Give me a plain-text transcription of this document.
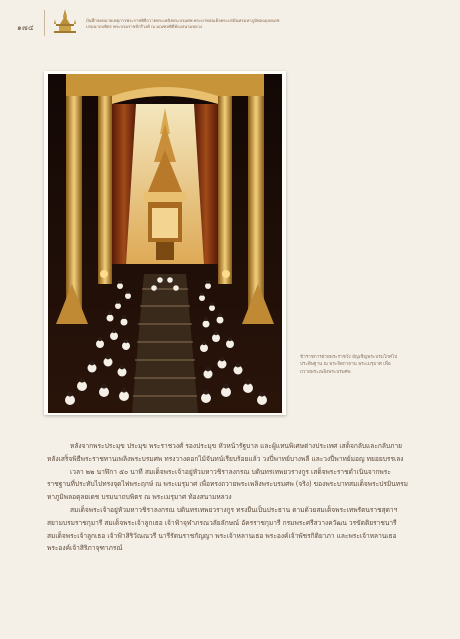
๑๗๔
บันทึกจดหมายเหตุการพระราชพิธีถวายพระเพลิงพระบรมศพ พระบาทสมเด็จพระปรมินทรมหาภูมิพลอดุลยเดช
บรมนาถบพิตร พระบรมราชจักรีวงศ์ ณ มณฑลพิธีท้องสนามหลวง
ข้าราชการฝ่ายพระราชวัง อัญเชิญพระบรมโกศไปประดิษฐาน ณ พระจิตกาธาน พระเมรุมาศ เพื่อถวายพระเพลิงพระบรมศพ

หลังจากพระประมุข ประมุข พระราชวงศ์ รองประมุข หัวหน้ารัฐบาล และผู้แทนพิเศษต่างประเทศ เสด็จกลับและกลับภายหลังเสร็จพิธีพระราชทานเพลิงพระบรมศพ ทรงวางดอกไม้จันทน์เรียบร้อยแล้ว วงปี่พาทย์บางพลี และวงปี่พาทย์มอญ ทยอยบรรเลง

เวลา ๒๒ นาฬิกา ๕๐ นาที สมเด็จพระเจ้าอยู่หัวมหาวชิราลงกรณ บดินทรเทพยวรางกูร เสด็จพระราชดำเนินจากพระราชฐานที่ประทับไปทรงจุดไฟพระฤกษ์ ณ พระเมรุมาศ เพื่อทรงถวายพระเพลิงพระบรมศพ (จริง) ของพระบาทสมเด็จพระปรมินทรมหาภูมิพลอดุลยเดช บรมนาถบพิตร ณ พระเมรุมาศ ท้องสนามหลวง

สมเด็จพระเจ้าอยู่หัวมหาวชิราลงกรณ บดินทรเทพยวรางกูร ทรงยืนเป็นประธาน ตามด้วยสมเด็จพระเทพรัตนราชสุดาฯ สยามบรมราชกุมารี สมเด็จพระเจ้าลูกเธอ เจ้าฟ้าจุฬาภรณวลัยลักษณ์ อัครราชกุมารี กรมพระศรีสวางควัฒน วรขัตติยราชนารี สมเด็จพระเจ้าลูกเธอ เจ้าฟ้าสิริวัณณวรี นารีรัตนราชกัญญา พระเจ้าหลานเธอ พระองค์เจ้าพัชรกิติยาภา และพระเจ้าหลานเธอ พระองค์เจ้าสิริภาจุฑาภรณ์
